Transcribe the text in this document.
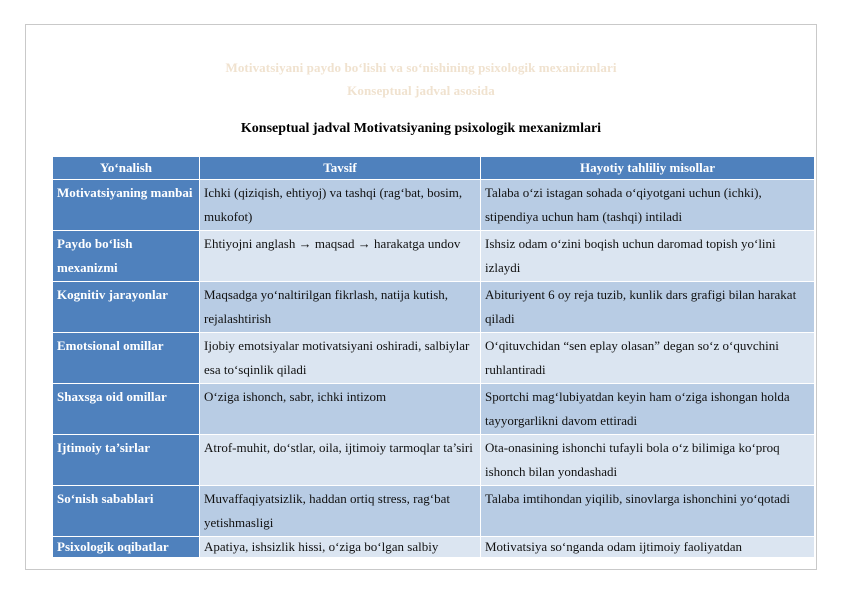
Motivatsiyani paydo bo‘lishi va so‘nishining psixologik mexanizmlari
Konseptual jadval asosida
Konseptual jadval Motivatsiyaning psixologik mexanizmlari
Yo‘nalish	Tavsif	Hayotiy tahliliy misollar
Motivatsiyaning manbai	Ichki (qiziqish, ehtiyoj) va tashqi (rag‘bat, bosim, mukofot)	Talaba o‘zi istagan sohada o‘qiyotgani uchun (ichki), stipendiya uchun ham (tashqi) intiladi
Paydo bo‘lish mexanizmi	Ehtiyojni anglash → maqsad → harakatga undov	Ishsiz odam o‘zini boqish uchun daromad topish yo‘lini izlaydi
Kognitiv jarayonlar	Maqsadga yo‘naltirilgan fikrlash, natija kutish, rejalashtirish	Abituriyent 6 oy reja tuzib, kunlik dars grafigi bilan harakat qiladi
Emotsional omillar	Ijobiy emotsiyalar motivatsiyani oshiradi, salbiylar esa to‘sqinlik qiladi	O‘qituvchidan “sen eplay olasan” degan so‘z o‘quvchini ruhlantiradi
Shaxsga oid omillar	O‘ziga ishonch, sabr, ichki intizom	Sportchi mag‘lubiyatdan keyin ham o‘ziga ishongan holda tayyorgarlikni davom ettiradi
Ijtimoiy ta’sirlar	Atrof-muhit, do‘stlar, oila, ijtimoiy tarmoqlar ta’siri	Ota-onasining ishonchi tufayli bola o‘z bilimiga ko‘proq ishonch bilan yondashadi
So‘nish sabablari	Muvaffaqiyatsizlik, haddan ortiq stress, rag‘bat yetishmasligi	Talaba imtihondan yiqilib, sinovlarga ishonchini yo‘qotadi
Psixologik oqibatlar	Apatiya, ishsizlik hissi, o‘ziga bo‘lgan salbiy	Motivatsiya so‘nganda odam ijtimoiy faoliyatdan
